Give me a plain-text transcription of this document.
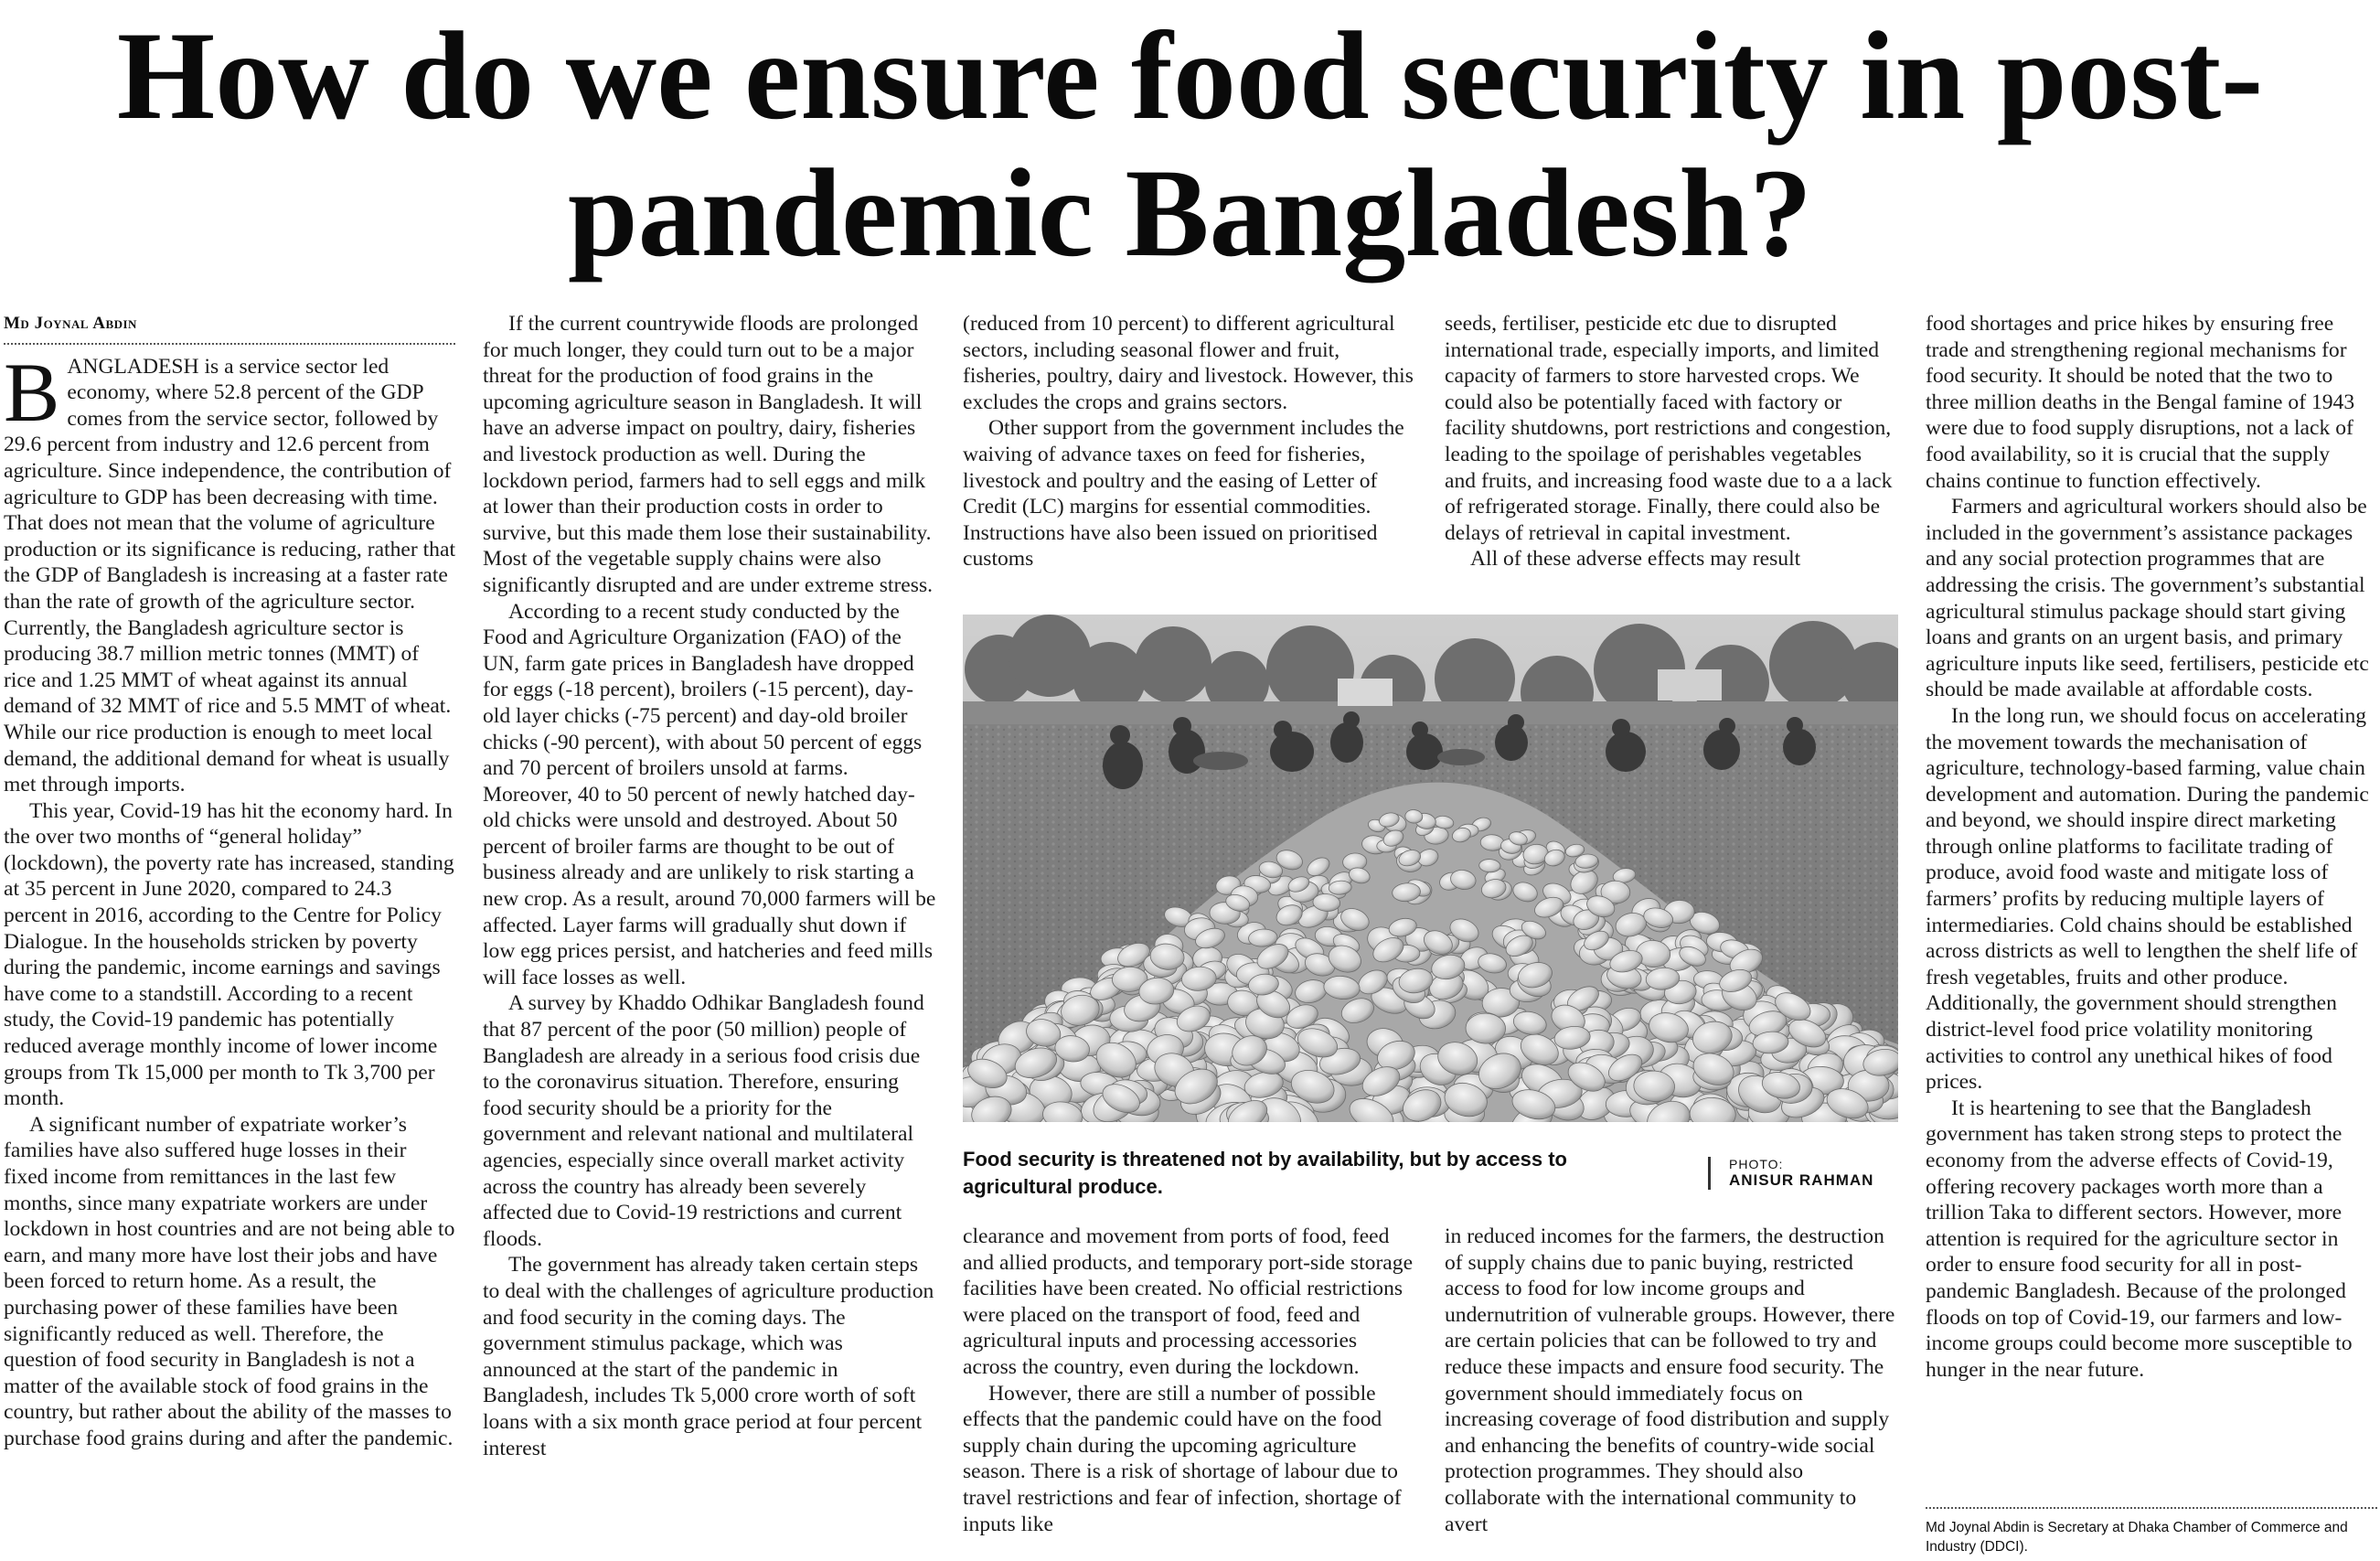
How do we ensure food security in post-pandemic Bangladesh?
Md Joynal Abdin

BANGLADESH is a service sector led economy, where 52.8 percent of the GDP comes from the service sector, followed by 29.6 percent from industry and 12.6 percent from agriculture. Since independence, the contribution of agriculture to GDP has been decreasing with time. That does not mean that the volume of agriculture production or its significance is reducing, rather that the GDP of Bangladesh is increasing at a faster rate than the rate of growth of the agriculture sector. Currently, the Bangladesh agriculture sector is producing 38.7 million metric tonnes (MMT) of rice and 1.25 MMT of wheat against its annual demand of 32 MMT of rice and 5.5 MMT of wheat. While our rice production is enough to meet local demand, the additional demand for wheat is usually met through imports.

This year, Covid-19 has hit the economy hard. In the over two months of “general holiday” (lockdown), the poverty rate has increased, standing at 35 percent in June 2020, compared to 24.3 percent in 2016, according to the Centre for Policy Dialogue. In the households stricken by poverty during the pandemic, income earnings and savings have come to a standstill. According to a recent study, the Covid-19 pandemic has potentially reduced average monthly income of lower income groups from Tk 15,000 per month to Tk 3,700 per month.

A significant number of expatriate worker’s families have also suffered huge losses in their fixed income from remittances in the last few months, since many expatriate workers are under lockdown in host countries and are not being able to earn, and many more have lost their jobs and have been forced to return home. As a result, the purchasing power of these families have been significantly reduced as well. Therefore, the question of food security in Bangladesh is not a matter of the available stock of food grains in the country, but rather about the ability of the masses to purchase food grains during and after the pandemic.

If the current countrywide floods are prolonged for much longer, they could turn out to be a major threat for the production of food grains in the upcoming agriculture season in Bangladesh. It will have an adverse impact on poultry, dairy, fisheries and livestock production as well. During the lockdown period, farmers had to sell eggs and milk at lower than their production costs in order to survive, but this made them lose their sustainability. Most of the vegetable supply chains were also significantly disrupted and are under extreme stress.

According to a recent study conducted by the Food and Agriculture Organization (FAO) of the UN, farm gate prices in Bangladesh have dropped for eggs (-18 percent), broilers (-15 percent), day-old layer chicks (-75 percent) and day-old broiler chicks (-90 percent), with about 50 percent of eggs and 70 percent of broilers unsold at farms. Moreover, 40 to 50 percent of newly hatched day-old chicks were unsold and destroyed. About 50 percent of broiler farms are thought to be out of business already and are unlikely to risk starting a new crop. As a result, around 70,000 farmers will be affected. Layer farms will gradually shut down if low egg prices persist, and hatcheries and feed mills will face losses as well.

A survey by Khaddo Odhikar Bangladesh found that 87 percent of the poor (50 million) people of Bangladesh are already in a serious food crisis due to the coronavirus situation. Therefore, ensuring food security should be a priority for the government and relevant national and multilateral agencies, especially since overall market activity across the country has already been severely affected due to Covid-19 restrictions and current floods.

The government has already taken certain steps to deal with the challenges of agriculture production and food security in the coming days. The government stimulus package, which was announced at the start of the pandemic in Bangladesh, includes Tk 5,000 crore worth of soft loans with a six month grace period at four percent interest

(reduced from 10 percent) to different agricultural sectors, including seasonal flower and fruit, fisheries, poultry, dairy and livestock. However, this excludes the crops and grains sectors.

Other support from the government includes the waiving of advance taxes on feed for fisheries, livestock and poultry and the easing of Letter of Credit (LC) margins for essential commodities. Instructions have also been issued on prioritised customs

seeds, fertiliser, pesticide etc due to disrupted international trade, especially imports, and limited capacity of farmers to store harvested crops. We could also be potentially faced with factory or facility shutdowns, port restrictions and congestion, leading to the spoilage of perishables vegetables and fruits, and increasing food waste due to a a lack of refrigerated storage. Finally, there could also be delays of retrieval in capital investment.

All of these adverse effects may result

Food security is threatened not by availability, but by access to agricultural produce.
PHOTO:
ANISUR RAHMAN

clearance and movement from ports of food, feed and allied products, and temporary port-side storage facilities have been created. No official restrictions were placed on the transport of food, feed and agricultural inputs and processing accessories across the country, even during the lockdown.

However, there are still a number of possible effects that the pandemic could have on the food supply chain during the upcoming agriculture season. There is a risk of shortage of labour due to travel restrictions and fear of infection, shortage of inputs like

in reduced incomes for the farmers, the destruction of supply chains due to panic buying, restricted access to food for low income groups and undernutrition of vulnerable groups. However, there are certain policies that can be followed to try and reduce these impacts and ensure food security. The government should immediately focus on increasing coverage of food distribution and supply and enhancing the benefits of country-wide social protection programmes. They should also collaborate with the international community to avert

food shortages and price hikes by ensuring free trade and strengthening regional mechanisms for food security. It should be noted that the two to three million deaths in the Bengal famine of 1943 were due to food supply disruptions, not a lack of food availability, so it is crucial that the supply chains continue to function effectively.

Farmers and agricultural workers should also be included in the government’s assistance packages and any social protection programmes that are addressing the crisis. The government’s substantial agricultural stimulus package should start giving loans and grants on an urgent basis, and primary agriculture inputs like seed, fertilisers, pesticide etc should be made available at affordable costs.

In the long run, we should focus on accelerating the movement towards the mechanisation of agriculture, technology-based farming, value chain development and automation. During the pandemic and beyond, we should inspire direct marketing through online platforms to facilitate trading of produce, avoid food waste and mitigate loss of farmers’ profits by reducing multiple layers of intermediaries. Cold chains should be established across districts as well to lengthen the shelf life of fresh vegetables, fruits and other produce. Additionally, the government should strengthen district-level food price volatility monitoring activities to control any unethical hikes of food prices.

It is heartening to see that the Bangladesh government has taken strong steps to protect the economy from the adverse effects of Covid-19, offering recovery packages worth more than a trillion Taka to different sectors. However, more attention is required for the agriculture sector in order to ensure food security for all in post-pandemic Bangladesh. Because of the prolonged floods on top of Covid-19, our farmers and low-income groups could become more susceptible to hunger in the near future.

Md Joynal Abdin is Secretary at Dhaka Chamber of Commerce and Industry (DDCI).
